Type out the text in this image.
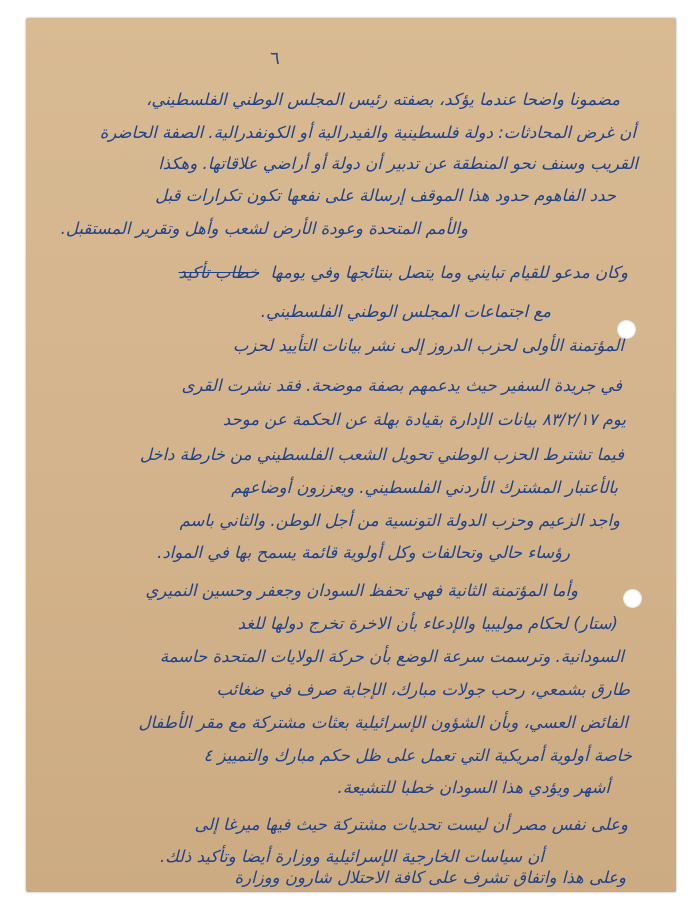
٦
مضمونا واضحا عندما يؤكد، بصفته رئيس المجلس الوطني الفلسطيني،
أن غرض المحادثات: دولة فلسطينية والفيدرالية أو الكونفدرالية. الصفة الحاضرة
القريب وسنف نحو المنطقة عن تدبير أن دولة أو أراضي علاقاتها. وهكذا
حدد الفاهوم حدود هذا الموقف إرسالة على نفعها تكون تكرارات قبل
والأمم المتحدة وعودة الأرض لشعب وأهل وتقرير المستقبل.
وكان مدعو للقيام تبايني وما يتصل بنتائجها وفي يومها خطاب تأكيد
مع اجتماعات المجلس الوطني الفلسطيني.
المؤتمنة الأولى لحزب الدروز إلى نشر بيانات التأييد لحزب
في جريدة السفير حيث يدعمهم بصفة موضحة. فقد نشرت القرى
يوم ٨٣/٢/١٧ بيانات الإدارة بقيادة بهلة عن الحكمة عن موحد
فيما تشترط الحزب الوطني تحويل الشعب الفلسطيني من خارطة داخل
بالأعتبار المشترك الأردني الفلسطيني. ويعززون أوضاعهم
واجد الزعيم وحزب الدولة التونسية من أجل الوطن. والثاني باسم
رؤساء حالي وتحالفات وكل أولوية قائمة يسمح بها في المواد.
وأما المؤتمنة الثانية فهي تحفظ السودان وجعفر وحسين النميري
(ستار) لحكام موليبيا والإدعاء بأن الاخرة تخرج دولها للغد
السودانية. وترسمت سرعة الوضع بأن حركة الولايات المتحدة حاسمة
طارق بشمعي، رحب جولات مبارك، الإجابة صرف في ضغائب
الفائض العسي، وبأن الشؤون الإسرائيلية بعثات مشتركة مع مقر الأطفال
خاصة أولوية أمريكية التي تعمل على ظل حكم مبارك والتمييز ٤
أشهر ويؤدي هذا السودان خطبا للتشيعة.
وعلى نفس مصر أن ليست تحديات مشتركة حيث فيها ميرغا إلى
أن سياسات الخارجية الإسرائيلية ووزارة أيضا وتأكيد ذلك.
وعلى هذا واتفاق تشرف على كافة الاحتلال شارون ووزارة
